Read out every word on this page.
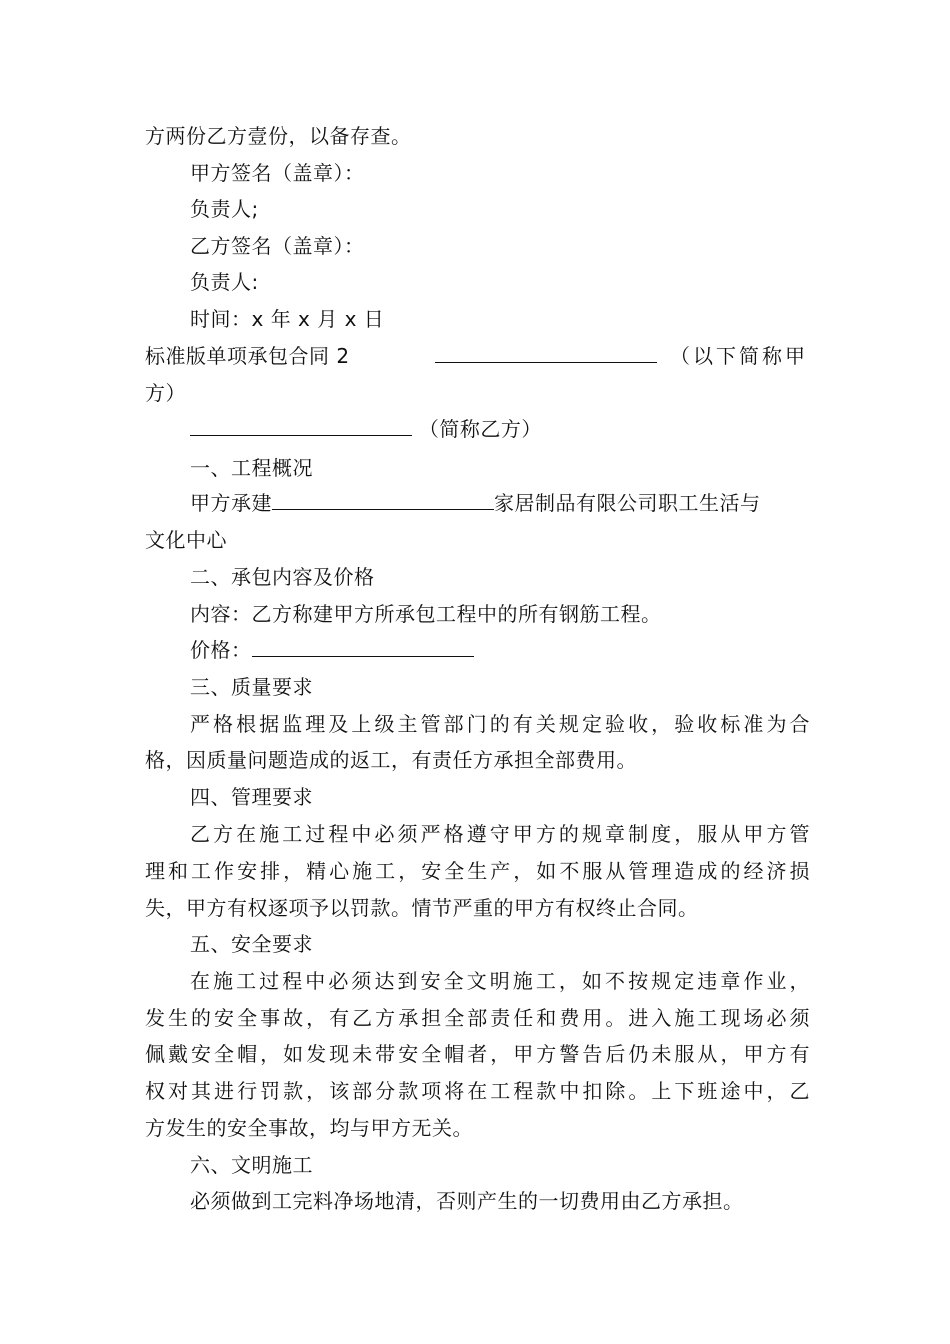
方两份乙方壹份，以备存查。
甲方签名（盖章）：
负责人;
乙方签名（盖章）：
负责人:
时间：x 年 x 月 x 日
标准版单项承包合同 2	（以下简称甲
方）
（简称乙方）
一、工程概况
甲方承建	家居制品有限公司职工生活与
文化中心
二、承包内容及价格
内容：乙方称建甲方所承包工程中的所有钢筋工程。
价格：
三、质量要求
严格根据监理及上级主管部门的有关规定验收，验收标准为合
格，因质量问题造成的返工，有责任方承担全部费用。
四、管理要求
乙方在施工过程中必须严格遵守甲方的规章制度，服从甲方管
理和工作安排，精心施工，安全生产，如不服从管理造成的经济损
失，甲方有权逐项予以罚款。情节严重的甲方有权终止合同。
五、安全要求
在施工过程中必须达到安全文明施工，如不按规定违章作业，
发生的安全事故，有乙方承担全部责任和费用。进入施工现场必须
佩戴安全帽，如发现未带安全帽者，甲方警告后仍未服从，甲方有
权对其进行罚款，该部分款项将在工程款中扣除。上下班途中，乙
方发生的安全事故，均与甲方无关。
六、文明施工
必须做到工完料净场地清，否则产生的一切费用由乙方承担。
